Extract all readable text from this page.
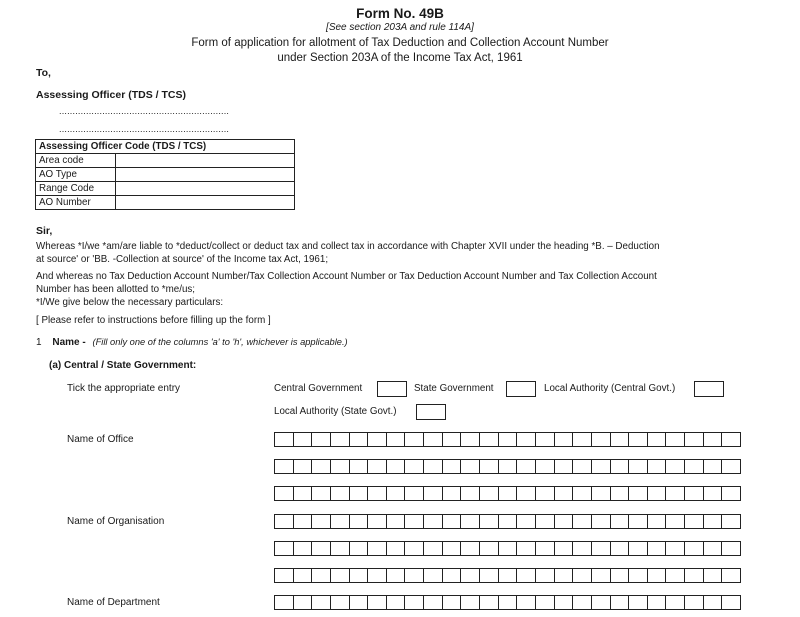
Form No. 49B
[See section 203A and rule 114A]
Form of application for allotment of Tax Deduction and Collection Account Number
under Section 203A of the Income Tax Act, 1961
To,
Assessing Officer (TDS / TCS)
...............................................................
...............................................................
Assessing Officer Code (TDS / TCS)	
Area code	
AO Type	
Range Code	
AO Number	
Sir,
Whereas *I/we *am/are liable to *deduct/collect or deduct tax and collect tax in accordance with Chapter XVII under the heading *B. – Deduction
at source' or 'BB. -Collection at source' of the Income tax Act, 1961;
And whereas no Tax Deduction Account Number/Tax Collection Account Number or Tax Deduction Account Number and Tax Collection Account
Number has been allotted to *me/us;
*I/We give below the necessary particulars:
[ Please refer to instructions before filling up the form ]
1 Name - (Fill only one of the columns 'a' to 'h', whichever is applicable.)
(a) Central / State Government:
Tick the appropriate entry	Central Government	State Government	Local Authority (Central Govt.)
Local Authority (State Govt.)
Name of Office
Name of Organisation
Name of Department
